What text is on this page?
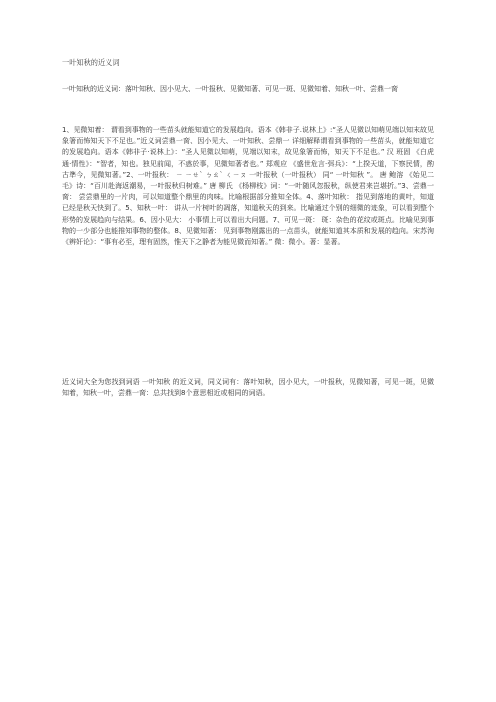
一叶知秋的近义词
一叶知秋的近义词：落叶知秋、因小见大、一叶报秋、见微知著、可见一斑、见微知着、知秋一叶、尝鼎一脔
1、见微知着： 谓看到事物的一些苗头就能知道它的发展趋向。语本《韩非子.说林上》:“圣人见微以知萌见端以知末故见象箸而怖知天下不足也。”近义词尝鼎一脔、因小见大、一叶知秋、尝鼎一 详细解释谓看到事物的一些苗头，就能知道它的发展趋向。语本《韩非子·说林上》：“圣人见微以知萌，见端以知末，故见象箸而怖，知天下不足也。” 汉 班固 《白虎通·情性》：“智者，知也。独见前闻，不惑於事，见微知著者也。” 郑观应 《盛世危言·弭兵》：“上揆天道，下察民情，酌古準今，见微知著。”2、一叶报秋： ㄧ ㄧㄝˋ ㄅㄠˋ ㄑㄧㄡ 一叶报秋（一叶报秋） 同“ 一叶知秋 ”。 唐 鲍溶 《始见二毛》诗：“百川赴海返潮易，一叶报秋归树难。” 唐 柳氏 《杨柳枝》词：“一叶随风忽报秋，纵使君来岂堪折。”3、尝鼎一脔： 尝尝鼎里的一片肉，可以知道整个鼎里的肉味。比喻根据部分推知全体。4、落叶知秋： 指见到落地的黄叶，知道已经是秋天快到了。5、知秋一叶： 讲从一片树叶的凋落，知道秋天的到来。比喻通过个别的细微的迹象，可以看到整个形势的发展趋向与结果。6、因小见大： 小事情上可以看出大问题。7、可见一斑： 斑：杂色的花纹或斑点。比喻见到事物的一少部分也能推知事物的整体。8、见微知著： 见到事物刚露出的一点苗头，就能知道其本质和发展的趋向。宋苏洵《辨奸论》：“事有必至，理有固然，惟天下之静者为能见微而知著。” 微：微小。著：显著。
近义词大全为您找到词语 一叶知秋 的近义词，同义词有：落叶知秋，因小见大，一叶报秋，见微知著，可见一斑，见微知着，知秋一叶，尝鼎一脔：总共找到8个意思相近或相同的词语。
